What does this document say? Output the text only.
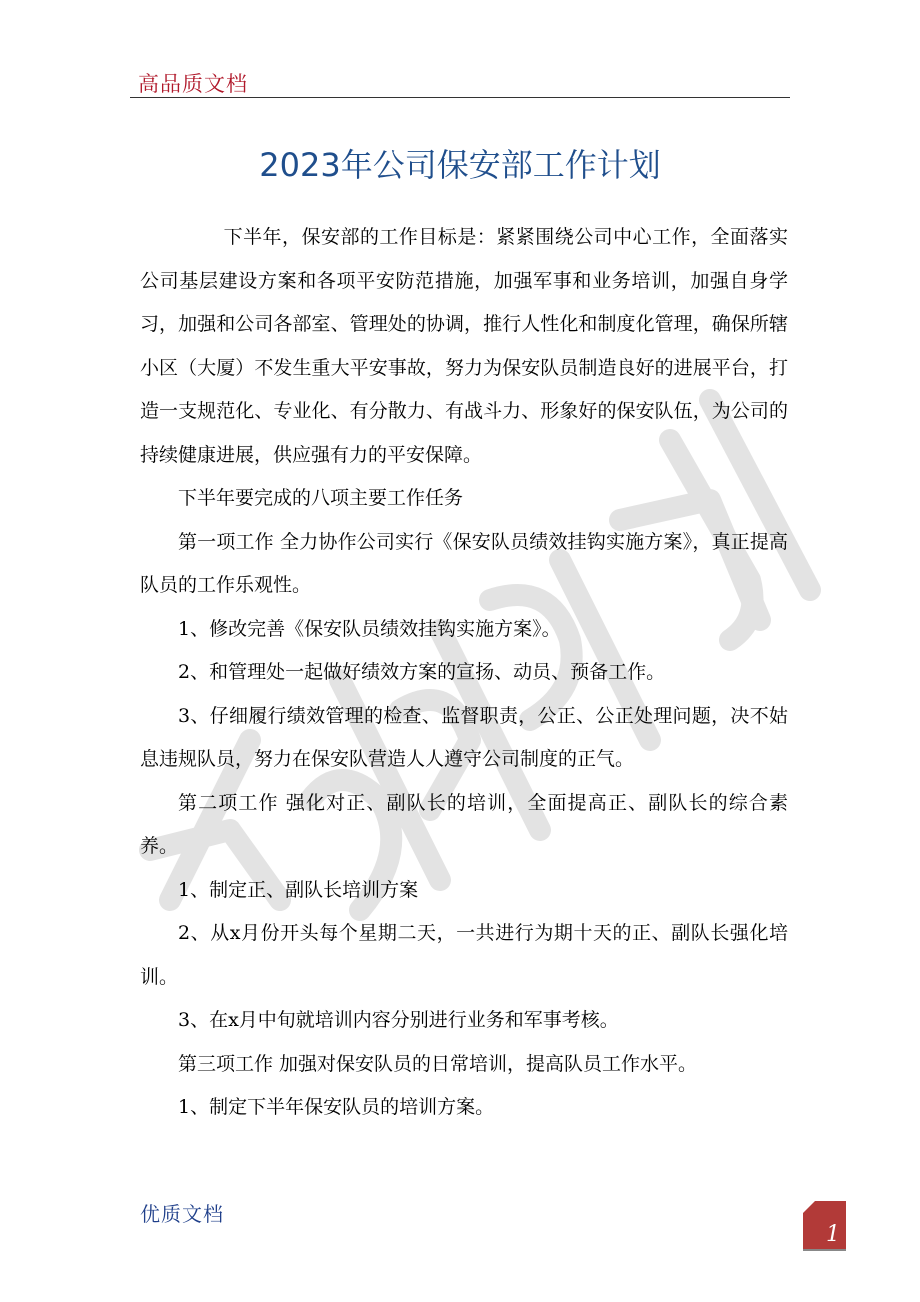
高品质文档
2023年公司保安部工作计划

下半年，保安部的工作目标是：紧紧围绕公司中心工作，全面落实公司基层建设方案和各项平安防范措施，加强军事和业务培训，加强自身学习，加强和公司各部室、管理处的协调，推行人性化和制度化管理，确保所辖小区（大厦）不发生重大平安事故，努力为保安队员制造良好的进展平台，打造一支规范化、专业化、有分散力、有战斗力、形象好的保安队伍，为公司的持续健康进展，供应强有力的平安保障。

下半年要完成的八项主要工作任务

第一项工作 全力协作公司实行《保安队员绩效挂钩实施方案》，真正提高队员的工作乐观性。

1、修改完善《保安队员绩效挂钩实施方案》。

2、和管理处一起做好绩效方案的宣扬、动员、预备工作。

3、仔细履行绩效管理的检查、监督职责，公正、公正处理问题，决不姑息违规队员，努力在保安队营造人人遵守公司制度的正气。

第二项工作 强化对正、副队长的培训，全面提高正、副队长的综合素养。

1、制定正、副队长培训方案

2、从x月份开头每个星期二天，一共进行为期十天的正、副队长强化培训。

3、在x月中旬就培训内容分别进行业务和军事考核。

第三项工作 加强对保安队员的日常培训，提高队员工作水平。

1、制定下半年保安队员的培训方案。

优质文档
1
